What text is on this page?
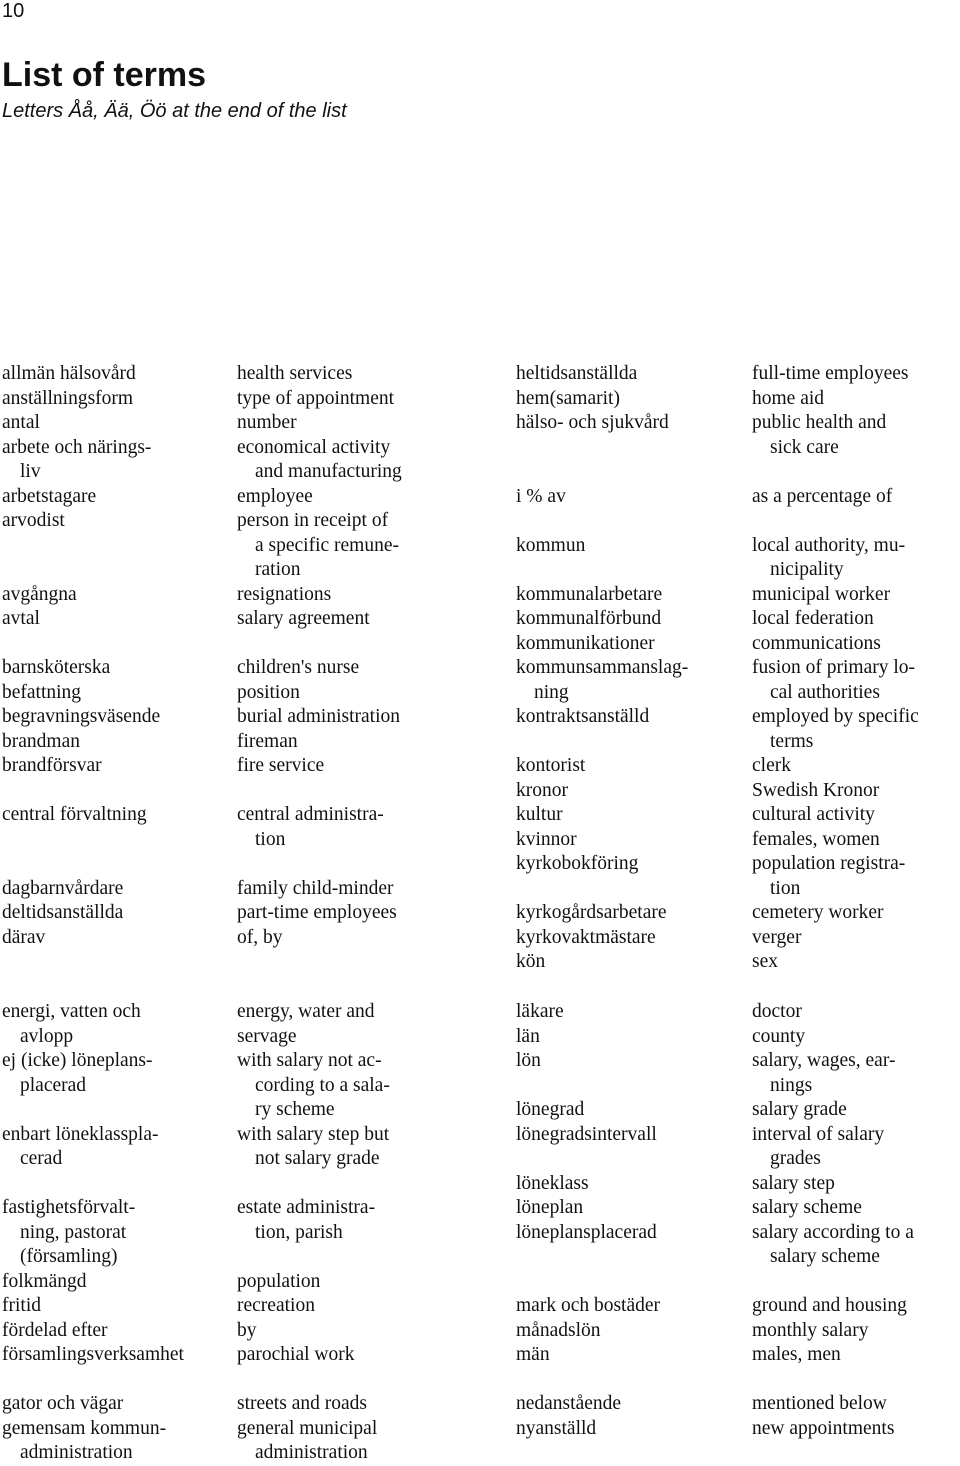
10
List of terms
Letters Åå, Ää, Öö at the end of the list
allmän hälsovård
anställningsform
antal
arbete och närings-
liv
arbetstagare
arvodist

avgångna
avtal

barnsköterska
befattning
begravningsväsende
brandman
brandförsvar

central förvaltning

dagbarnvårdare
deltidsanställda
därav
health services
type of appointment
number
economical activity
and manufacturing
employee
person in receipt of
a specific remune-
ration
resignations
salary agreement

children's nurse
position
burial administration
fireman
fire service

central administra-
tion

family child-minder
part-time employees
of, by
heltidsanställda
hem(samarit)
hälso- och sjukvård

i % av

kommun

kommunalarbetare
kommunalförbund
kommunikationer
kommunsammanslag-
ning
kontraktsanställd

kontorist
kronor
kultur
kvinnor
kyrkobokföring

kyrkogårdsarbetare
kyrkovaktmästare
kön
full-time employees
home aid
public health and
sick care

as a percentage of

local authority, mu-
nicipality
municipal worker
local federation
communications
fusion of primary lo-
cal authorities
employed by specific
terms
clerk
Swedish Kronor
cultural activity
females, women
population registra-
tion
cemetery worker
verger
sex
energi, vatten och
avlopp
ej (icke) löneplans-
placerad

enbart löneklasspla-
cerad

fastighetsförvalt-
ning, pastorat
(församling)
folkmängd
fritid
fördelad efter
församlingsverksamhet

gator och vägar
gemensam kommun-
administration
energy, water and
servage
with salary not ac-
cording to a sala-
ry scheme
with salary step but
not salary grade

estate administra-
tion, parish

population
recreation
by
parochial work

streets and roads
general municipal
administration
läkare
län
lön

lönegrad
lönegradsintervall

löneklass
löneplan
löneplansplacerad

mark och bostäder
månadslön
män

nedanstående
nyanställd
doctor
county
salary, wages, ear-
nings
salary grade
interval of salary
grades
salary step
salary scheme
salary according to a
salary scheme

ground and housing
monthly salary
males, men

mentioned below
new appointments
